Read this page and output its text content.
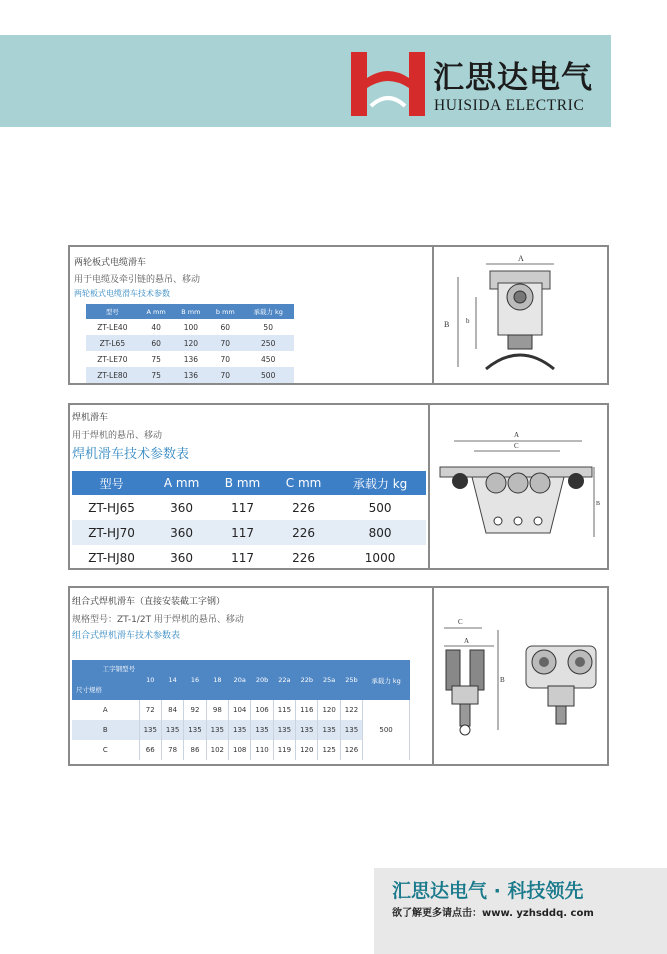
汇思达电气
HUISIDA ELECTRIC
两轮板式电缆滑车
用于电缆及牵引链的悬吊、移动
两轮板式电缆滑车技术参数
型号	A mm	B mm	b mm	承载力 kg
ZT-LE40	40	100	60	50
ZT-L65	60	120	70	250
ZT-LE70	75	136	70	450
ZT-LE80	75	136	70	500
A
B b
焊机滑车
用于焊机的悬吊、移动
焊机滑车技术参数表
型号	A mm	B mm	C mm	承载力 kg
ZT-HJ65	360	117	226	500
ZT-HJ70	360	117	226	800
ZT-HJ80	360	117	226	1000
A
C
B
组合式焊机滑车（直接安装截工字钢）
规格型号：ZT-1/2T 用于焊机的悬吊、移动
组合式焊机滑车技术参数表
工字钢型号
尺寸规格	10	14	16	18	20a	20b	22a	22b	25a	25b	承载力 kg
A	72	84	92	98	104	106	115	116	120	122	500
B	135	135	135	135	135	135	135	135	135	135	
C	66	78	86	102	108	110	119	120	125	126	
C
A
B
汇思达电气 · 科技领先
欲了解更多请点击：www. yzhsddq. com
